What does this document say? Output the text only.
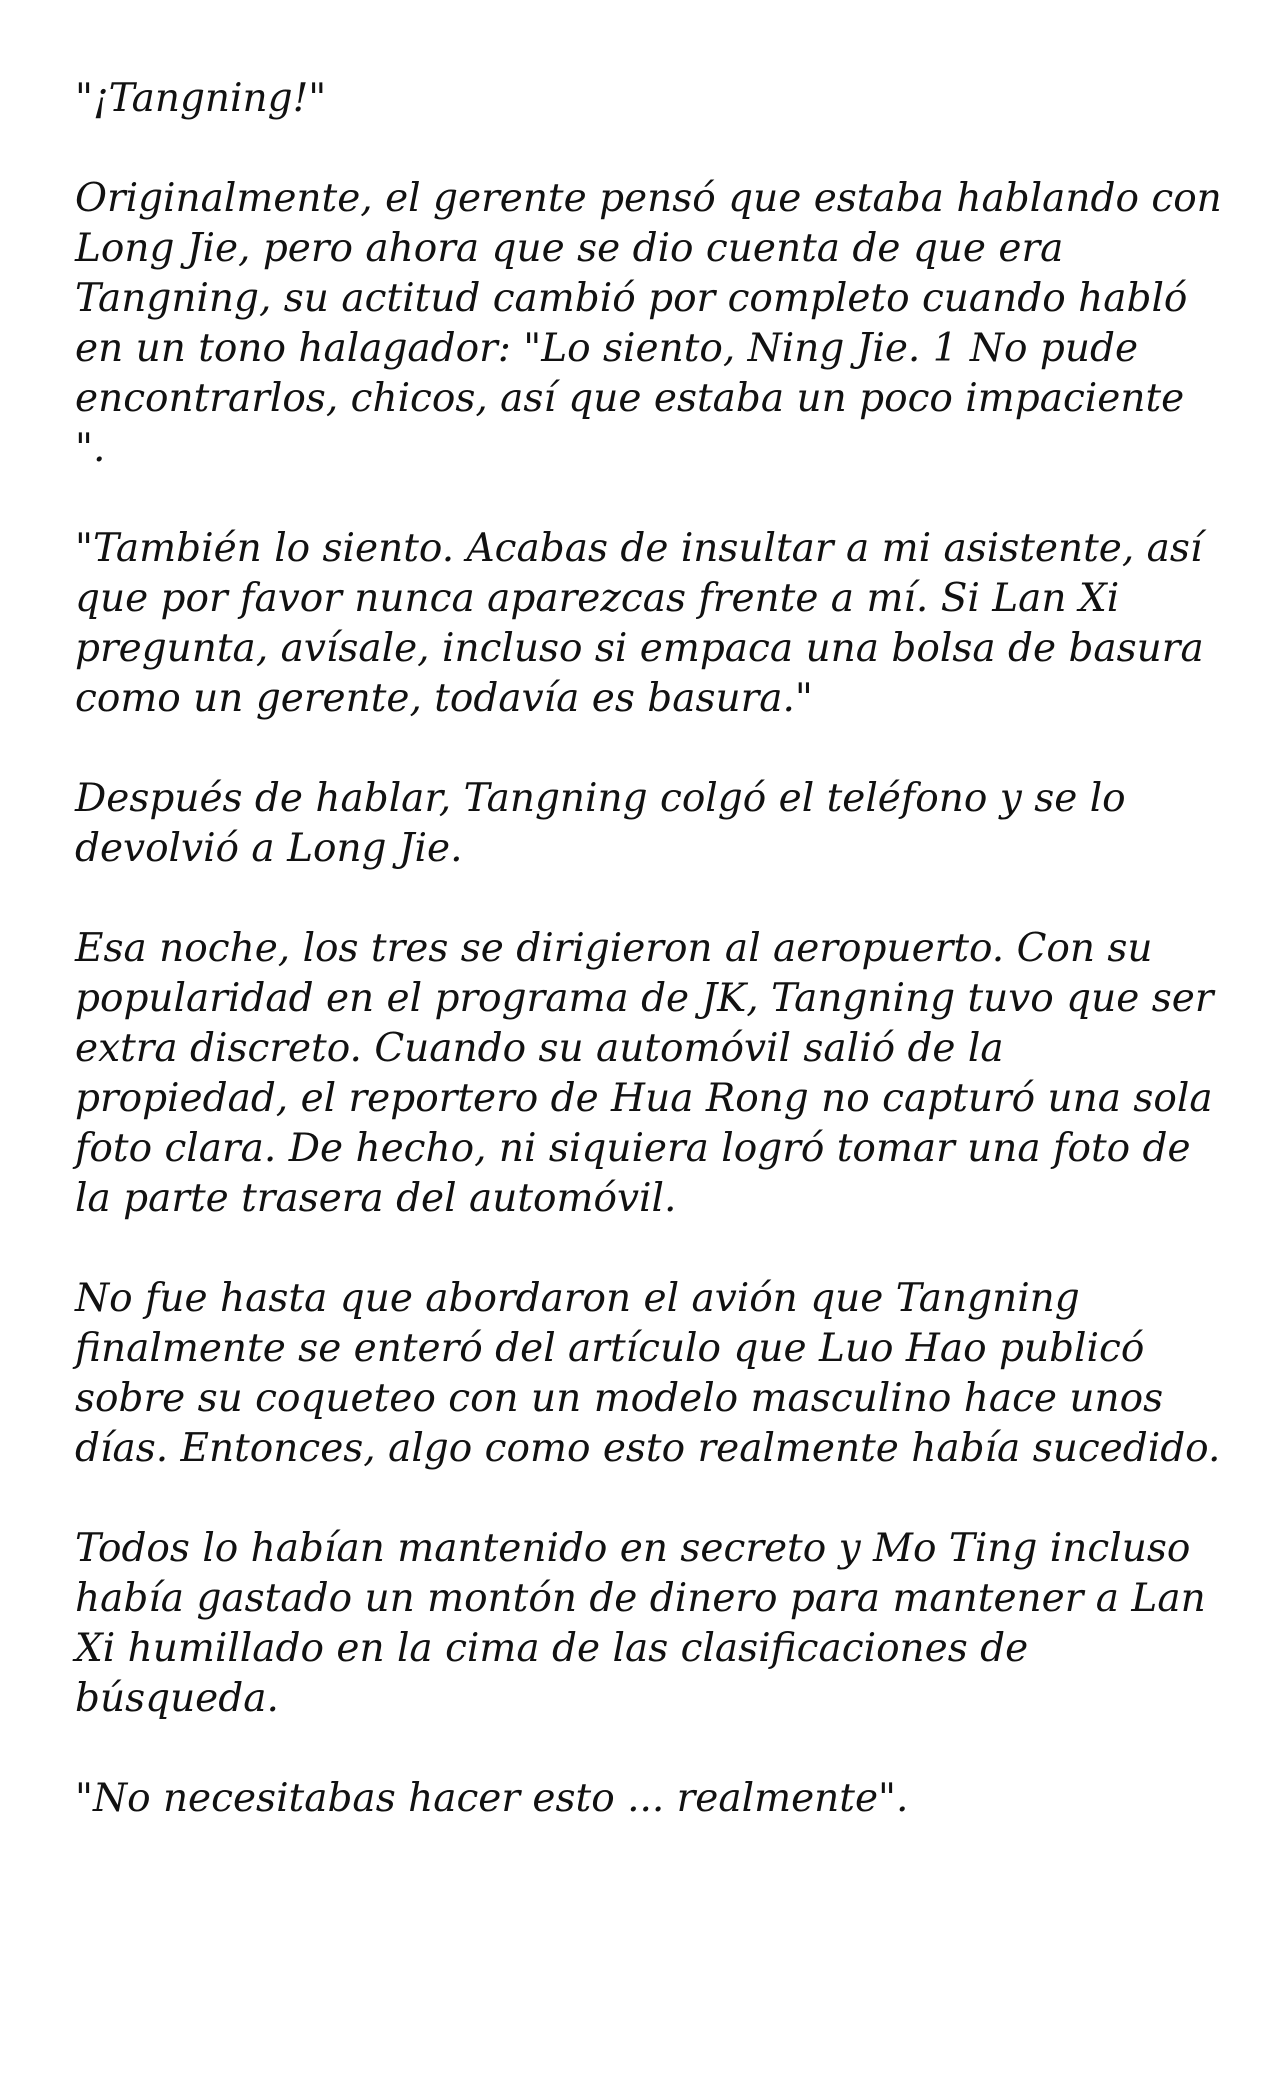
"¡Tangning!"

Originalmente, el gerente pensó que estaba hablando con Long Jie, pero ahora que se dio cuenta de que era Tangning, su actitud cambió por completo cuando habló en un tono halagador: "Lo siento, Ning Jie. 1 No pude encontrarlos, chicos, así que estaba un poco impaciente ".

"También lo siento. Acabas de insultar a mi asistente, así que por favor nunca aparezcas frente a mí. Si Lan Xi pregunta, avísale, incluso si empaca una bolsa de basura como un gerente, todavía es basura."

Después de hablar, Tangning colgó el teléfono y se lo devolvió a Long Jie.

Esa noche, los tres se dirigieron al aeropuerto. Con su popularidad en el programa de JK, Tangning tuvo que ser extra discreto. Cuando su automóvil salió de la propiedad, el reportero de Hua Rong no capturó una sola foto clara. De hecho, ni siquiera logró tomar una foto de la parte trasera del automóvil.

No fue hasta que abordaron el avión que Tangning finalmente se enteró del artículo que Luo Hao publicó sobre su coqueteo con un modelo masculino hace unos días. Entonces, algo como esto realmente había sucedido.

Todos lo habían mantenido en secreto y Mo Ting incluso había gastado un montón de dinero para mantener a Lan Xi humillado en la cima de las clasificaciones de búsqueda.

"No necesitabas hacer esto ... realmente".
